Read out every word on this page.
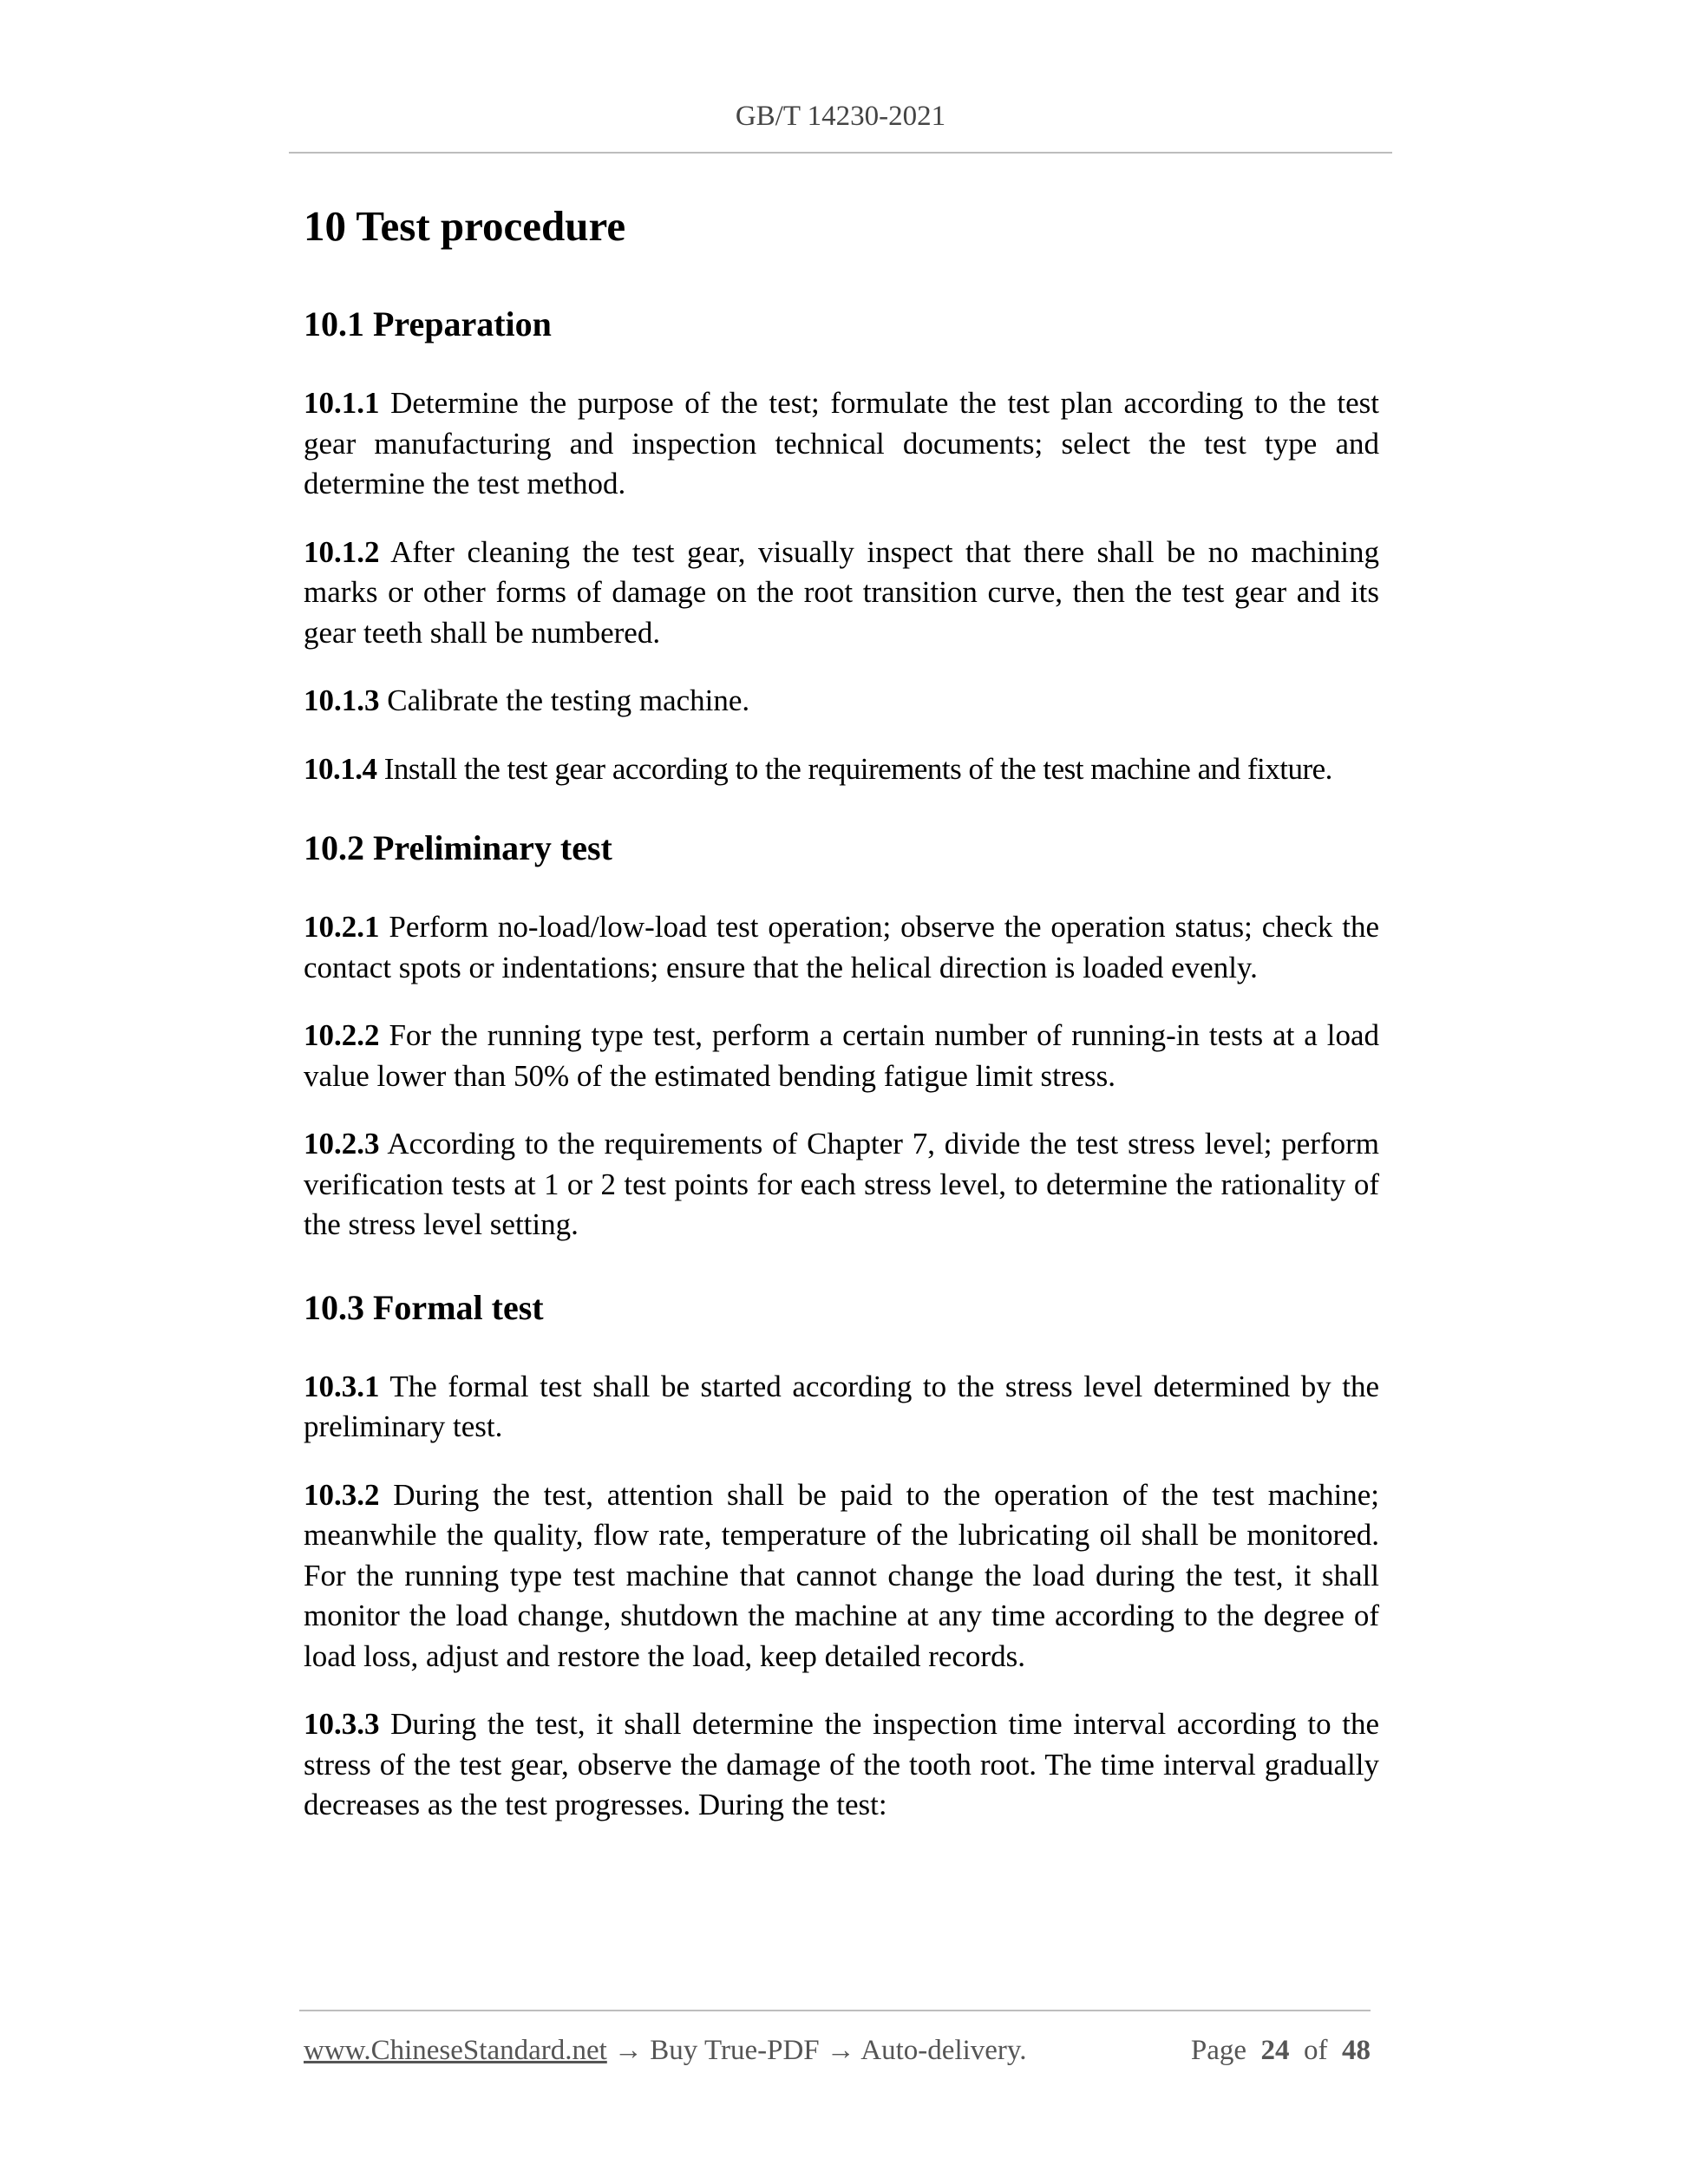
GB/T 14230-2021
10 Test procedure
10.1 Preparation

10.1.1 Determine the purpose of the test; formulate the test plan according to the test gear manufacturing and inspection technical documents; select the test type and determine the test method.

10.1.2 After cleaning the test gear, visually inspect that there shall be no machining marks or other forms of damage on the root transition curve, then the test gear and its gear teeth shall be numbered.

10.1.3 Calibrate the testing machine.

10.1.4 Install the test gear according to the requirements of the test machine and fixture.

10.2 Preliminary test

10.2.1 Perform no-load/low-load test operation; observe the operation status; check the contact spots or indentations; ensure that the helical direction is loaded evenly.

10.2.2 For the running type test, perform a certain number of running-in tests at a load value lower than 50% of the estimated bending fatigue limit stress.

10.2.3 According to the requirements of Chapter 7, divide the test stress level; perform verification tests at 1 or 2 test points for each stress level, to determine the rationality of the stress level setting.

10.3 Formal test

10.3.1 The formal test shall be started according to the stress level determined by the preliminary test.

10.3.2 During the test, attention shall be paid to the operation of the test machine; meanwhile the quality, flow rate, temperature of the lubricating oil shall be monitored. For the running type test machine that cannot change the load during the test, it shall monitor the load change, shutdown the machine at any time according to the degree of load loss, adjust and restore the load, keep detailed records.

10.3.3 During the test, it shall determine the inspection time interval according to the stress of the test gear, observe the damage of the tooth root. The time interval gradually decreases as the test progresses. During the test:

www.ChineseStandard.net → Buy True-PDF → Auto-delivery.	Page 24 of 48
